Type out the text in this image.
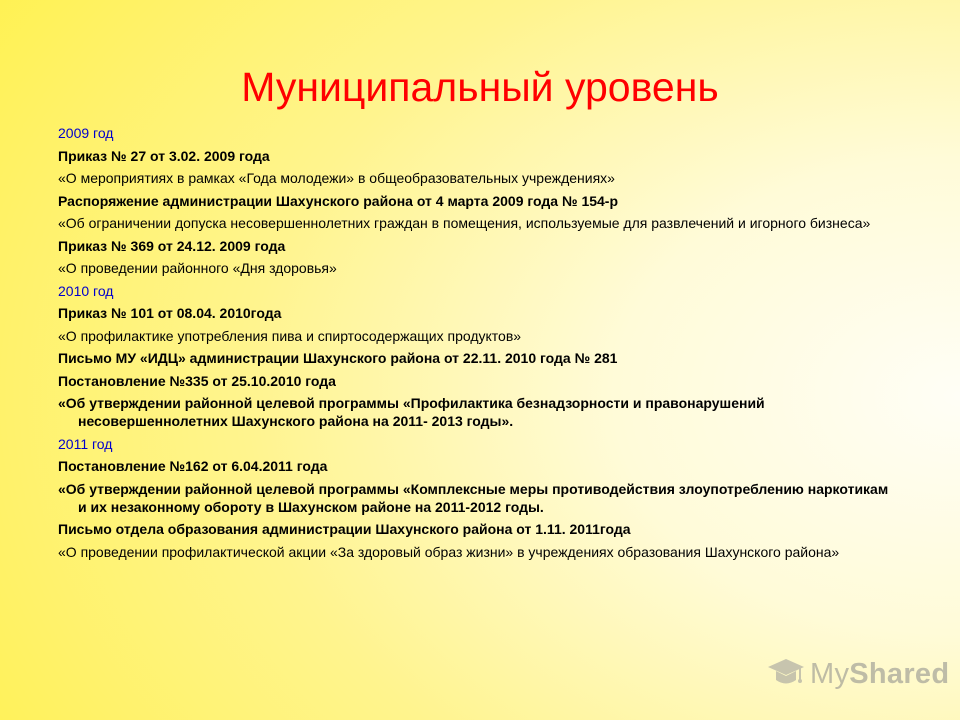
Муниципальный уровень
2009 год
Приказ № 27 от 3.02. 2009 года
«О мероприятиях в рамках «Года молодежи» в общеобразовательных учреждениях»
Распоряжение администрации Шахунского района от 4 марта 2009 года № 154-р
«Об ограничении допуска несовершеннолетних граждан в помещения, используемые для развлечений и игорного бизнеса»
Приказ № 369 от 24.12. 2009 года
«О проведении районного «Дня здоровья»
2010 год
Приказ № 101 от 08.04. 2010года
«О профилактике употребления пива и спиртосодержащих продуктов»
Письмо МУ «ИДЦ» администрации Шахунского района от 22.11. 2010 года № 281
Постановление №335 от 25.10.2010 года
«Об утверждении районной целевой программы «Профилактика безнадзорности и правонарушений несовершеннолетних Шахунского района на 2011- 2013 годы».
2011 год
Постановление №162 от 6.04.2011 года
«Об утверждении районной целевой программы «Комплексные меры противодействия злоупотреблению наркотикам и их незаконному обороту в Шахунском районе на 2011-2012 годы.
Письмо отдела образования администрации Шахунского района от 1.11. 2011года
«О проведении профилактической акции «За здоровый образ жизни» в учреждениях образования Шахунского района»
MyShared
